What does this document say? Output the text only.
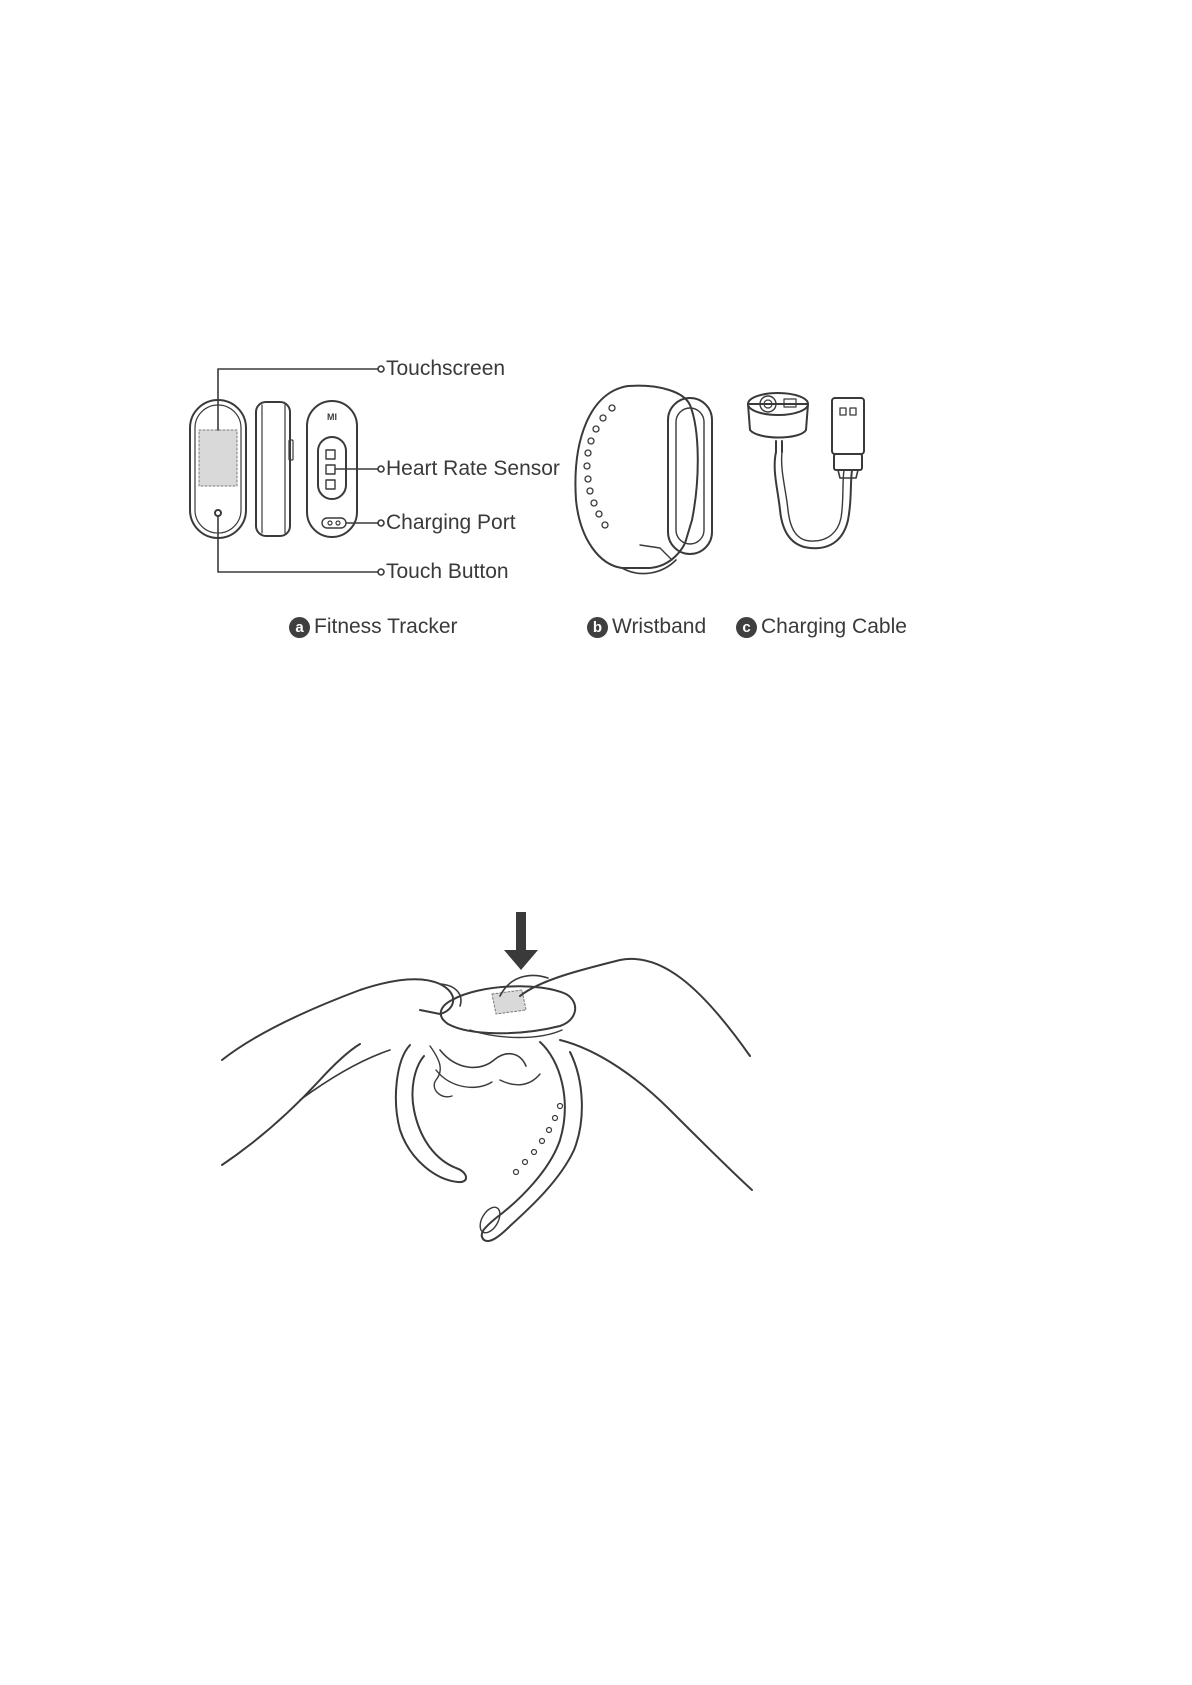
MI
Touchscreen
Heart Rate Sensor
Charging Port
Touch Button
a Fitness Tracker	b Wristband	c Charging Cable
